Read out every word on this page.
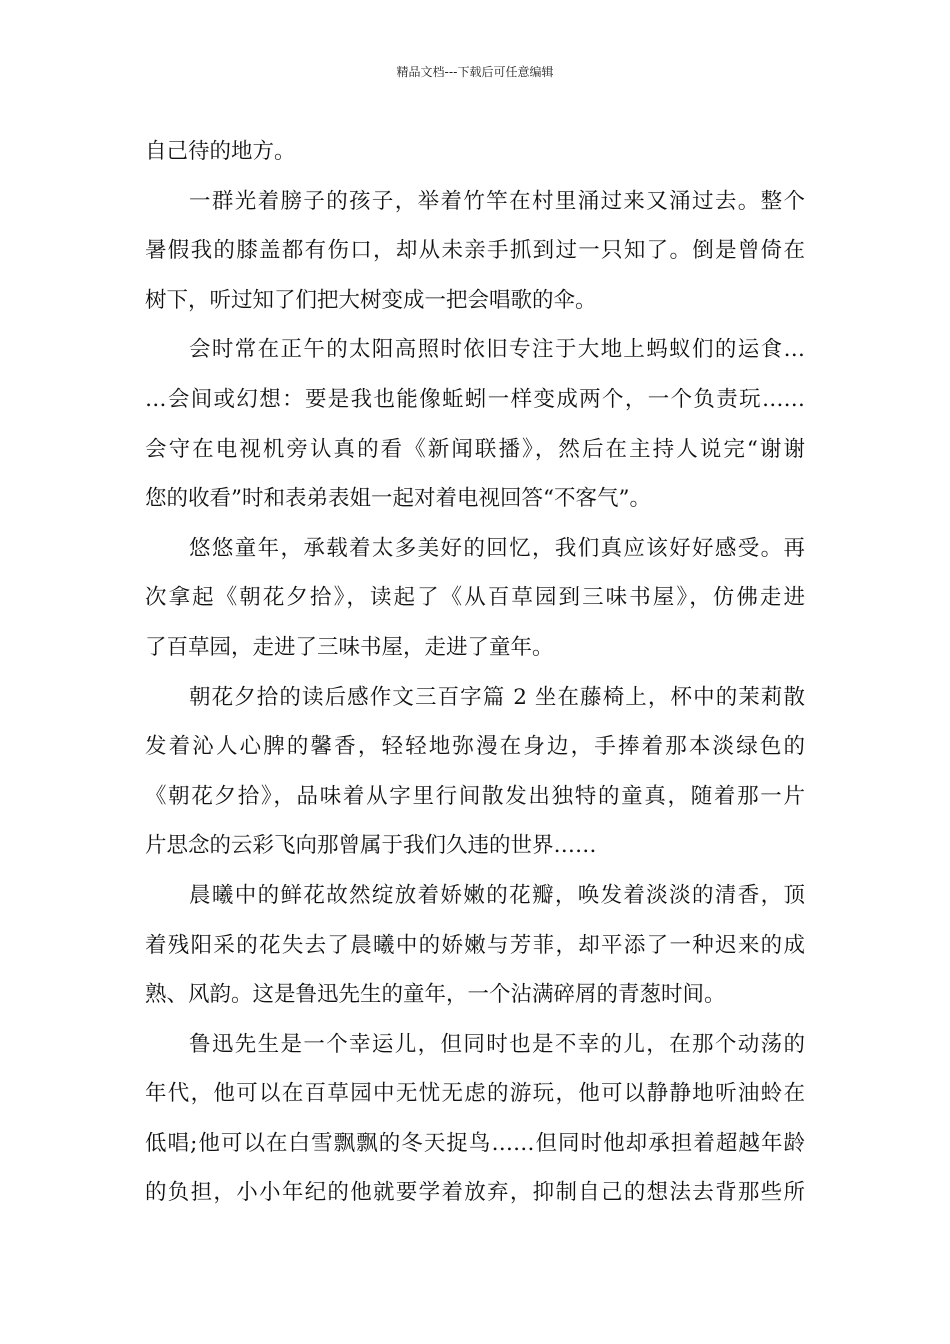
精品文档---下载后可任意编辑
自己待的地方。
一群光着膀子的孩子，举着竹竿在村里涌过来又涌过去。整个
暑假我的膝盖都有伤口，却从未亲手抓到过一只知了。倒是曾倚在
树下，听过知了们把大树变成一把会唱歌的伞。
会时常在正午的太阳高照时依旧专注于大地上蚂蚁们的运食…
…会间或幻想：要是我也能像蚯蚓一样变成两个，一个负责玩……
会守在电视机旁认真的看《新闻联播》，然后在主持人说完“谢谢
您的收看”时和表弟表姐一起对着电视回答“不客气”。
悠悠童年，承载着太多美好的回忆，我们真应该好好感受。再
次拿起《朝花夕拾》，读起了《从百草园到三味书屋》，仿佛走进
了百草园，走进了三味书屋，走进了童年。
朝花夕拾的读后感作文三百字篇 2 坐在藤椅上，杯中的茉莉散
发着沁人心脾的馨香，轻轻地弥漫在身边，手捧着那本淡绿色的
《朝花夕拾》，品味着从字里行间散发出独特的童真，随着那一片
片思念的云彩飞向那曾属于我们久违的世界……
晨曦中的鲜花故然绽放着娇嫩的花瓣，唤发着淡淡的清香，顶
着残阳采的花失去了晨曦中的娇嫩与芳菲，却平添了一种迟来的成
熟、风韵。这是鲁迅先生的童年，一个沾满碎屑的青葱时间。
鲁迅先生是一个幸运儿，但同时也是不幸的儿，在那个动荡的
年代，他可以在百草园中无忧无虑的游玩，他可以静静地听油蛉在
低唱;他可以在白雪飘飘的冬天捉鸟……但同时他却承担着超越年龄
的负担，小小年纪的他就要学着放弃，抑制自己的想法去背那些所
